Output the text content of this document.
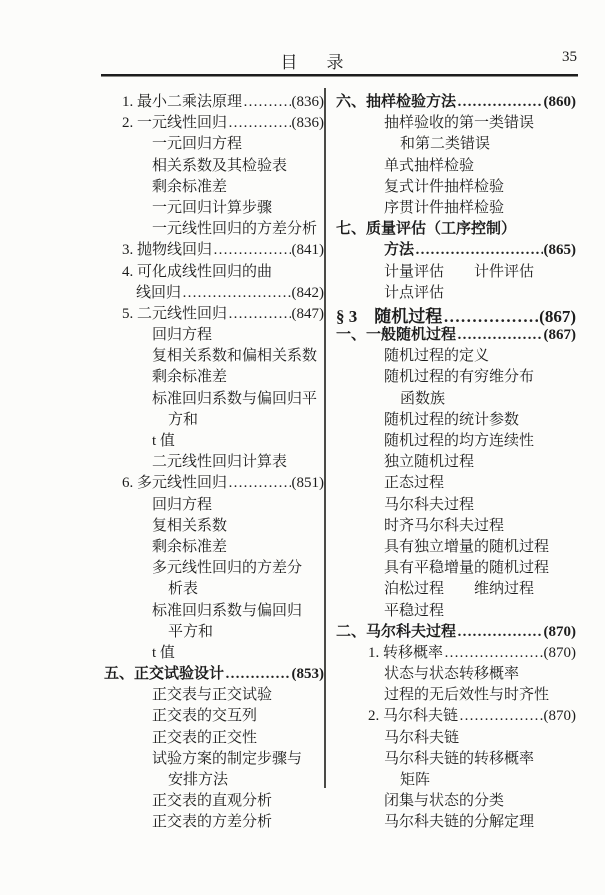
目　录	35
1. 最小二乘法原理 …………………………………………	(836)
2. 一元线性回归 …………………………………………	(836)
一元回归方程
相关系数及其检验表
剩余标准差
一元回归计算步骤
一元线性回归的方差分析
3. 抛物线回归 …………………………………………	(841)
4. 可化成线性回归的曲
线回归 …………………………………………	(842)
5. 二元线性回归 …………………………………………	(847)
回归方程
复相关系数和偏相关系数
剩余标准差
标准回归系数与偏回归平
方和
t 值
二元线性回归计算表
6. 多元线性回归 …………………………………………	(851)
回归方程
复相关系数
剩余标准差
多元线性回归的方差分
析表
标准回归系数与偏回归
平方和
t 值
五、正交试验设计 …………………………………………	(853)
正交表与正交试验
正交表的交互列
正交表的正交性
试验方案的制定步骤与
安排方法
正交表的直观分析
正交表的方差分析
六、抽样检验方法 …………………………………………	(860)
抽样验收的第一类错误
和第二类错误
单式抽样检验
复式计件抽样检验
序贯计件抽样检验
七、质量评估（工序控制）
方法 …………………………………………	(865)
计量评估　　计件评估
计点评估
§ 3　随机过程 …………………………………………	(867)
一、一般随机过程 …………………………………………	(867)
随机过程的定义
随机过程的有穷维分布
函数族
随机过程的统计参数
随机过程的均方连续性
独立随机过程
正态过程
马尔科夫过程
时齐马尔科夫过程
具有独立增量的随机过程
具有平稳增量的随机过程
泊松过程　　维纳过程
平稳过程
二、马尔科夫过程 …………………………………………	(870)
1. 转移概率 …………………………………………	(870)
状态与状态转移概率
过程的无后效性与时齐性
2. 马尔科夫链 …………………………………………	(870)
马尔科夫链
马尔科夫链的转移概率
矩阵
闭集与状态的分类
马尔科夫链的分解定理
